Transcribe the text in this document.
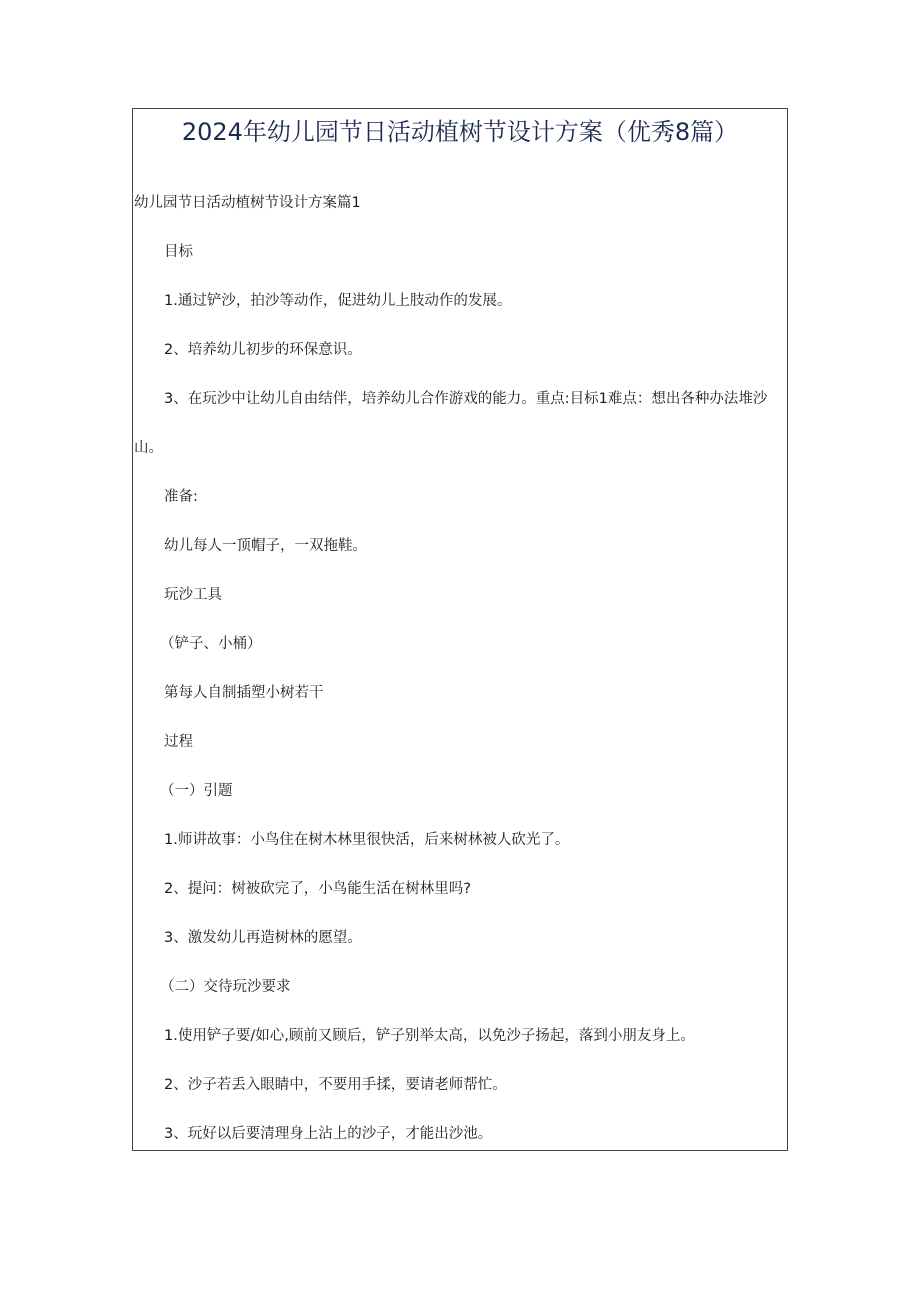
2024年幼儿园节日活动植树节设计方案（优秀8篇）

幼儿园节日活动植树节设计方案篇1

目标

1.通过铲沙，拍沙等动作，促进幼儿上肢动作的发展。

2、培养幼儿初步的环保意识。

3、在玩沙中让幼儿自由结伴，培养幼儿合作游戏的能力。重点:目标1难点：想出各种办法堆沙

山。

准备:

幼儿每人一顶帽子，一双拖鞋。

玩沙工具

（铲子、小桶）

第每人自制插塑小树若干

过程

（一）引题

1.师讲故事：小鸟住在树木林里很快活，后来树林被人砍光了。

2、提问：树被砍完了，小鸟能生活在树林里吗?

3、激发幼儿再造树林的愿望。

（二）交待玩沙要求

1.使用铲子要/如心,顾前又顾后，铲子别举太高，以免沙子扬起，落到小朋友身上。

2、沙子若丢入眼睛中，不要用手揉，要请老师帮忙。

3、玩好以后要清理身上沾上的沙子，才能出沙池。
